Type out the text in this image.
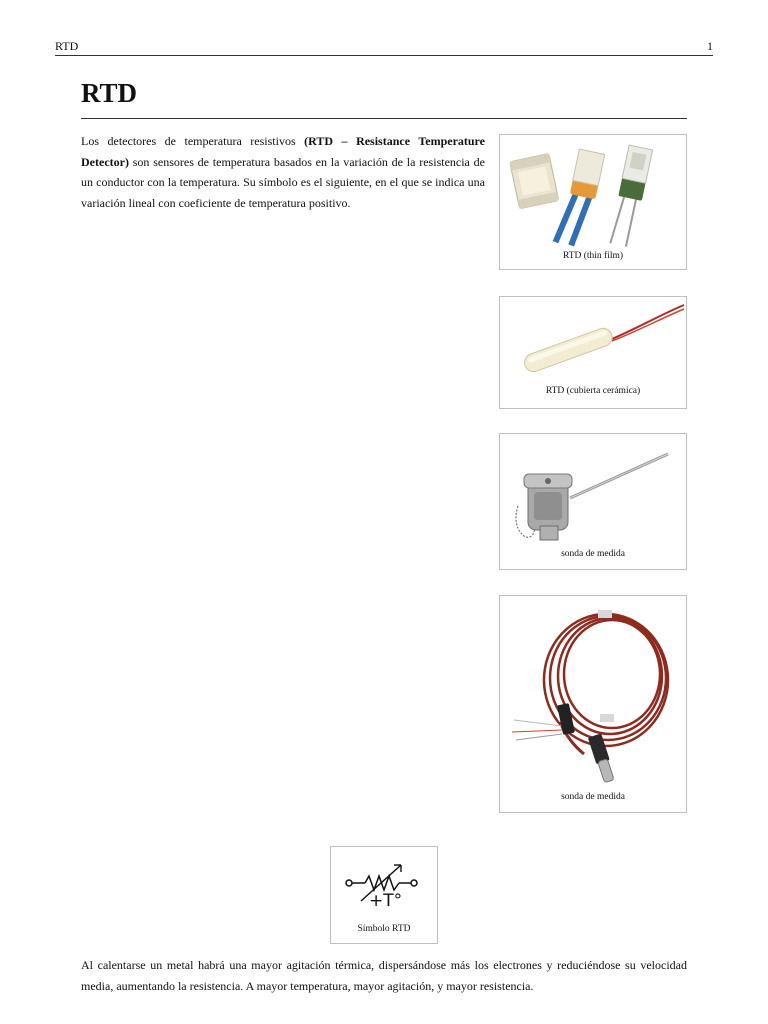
RTD	1
RTD

Los detectores de temperatura resistivos (RTD – Resistance Temperature Detector) son sensores de temperatura basados en la variación de la resistencia de un conductor con la temperatura. Su símbolo es el siguiente, en el que se indica una variación lineal con coeficiente de temperatura positivo.

RTD (thin film)
RTD (cubierta cerámica)
sonda de medida
sonda de medida
+T°
Símbolo RTD

Al calentarse un metal habrá una mayor agitación térmica, dispersándose más los electrones y reduciéndose su velocidad media, aumentando la resistencia. A mayor temperatura, mayor agitación, y mayor resistencia.
